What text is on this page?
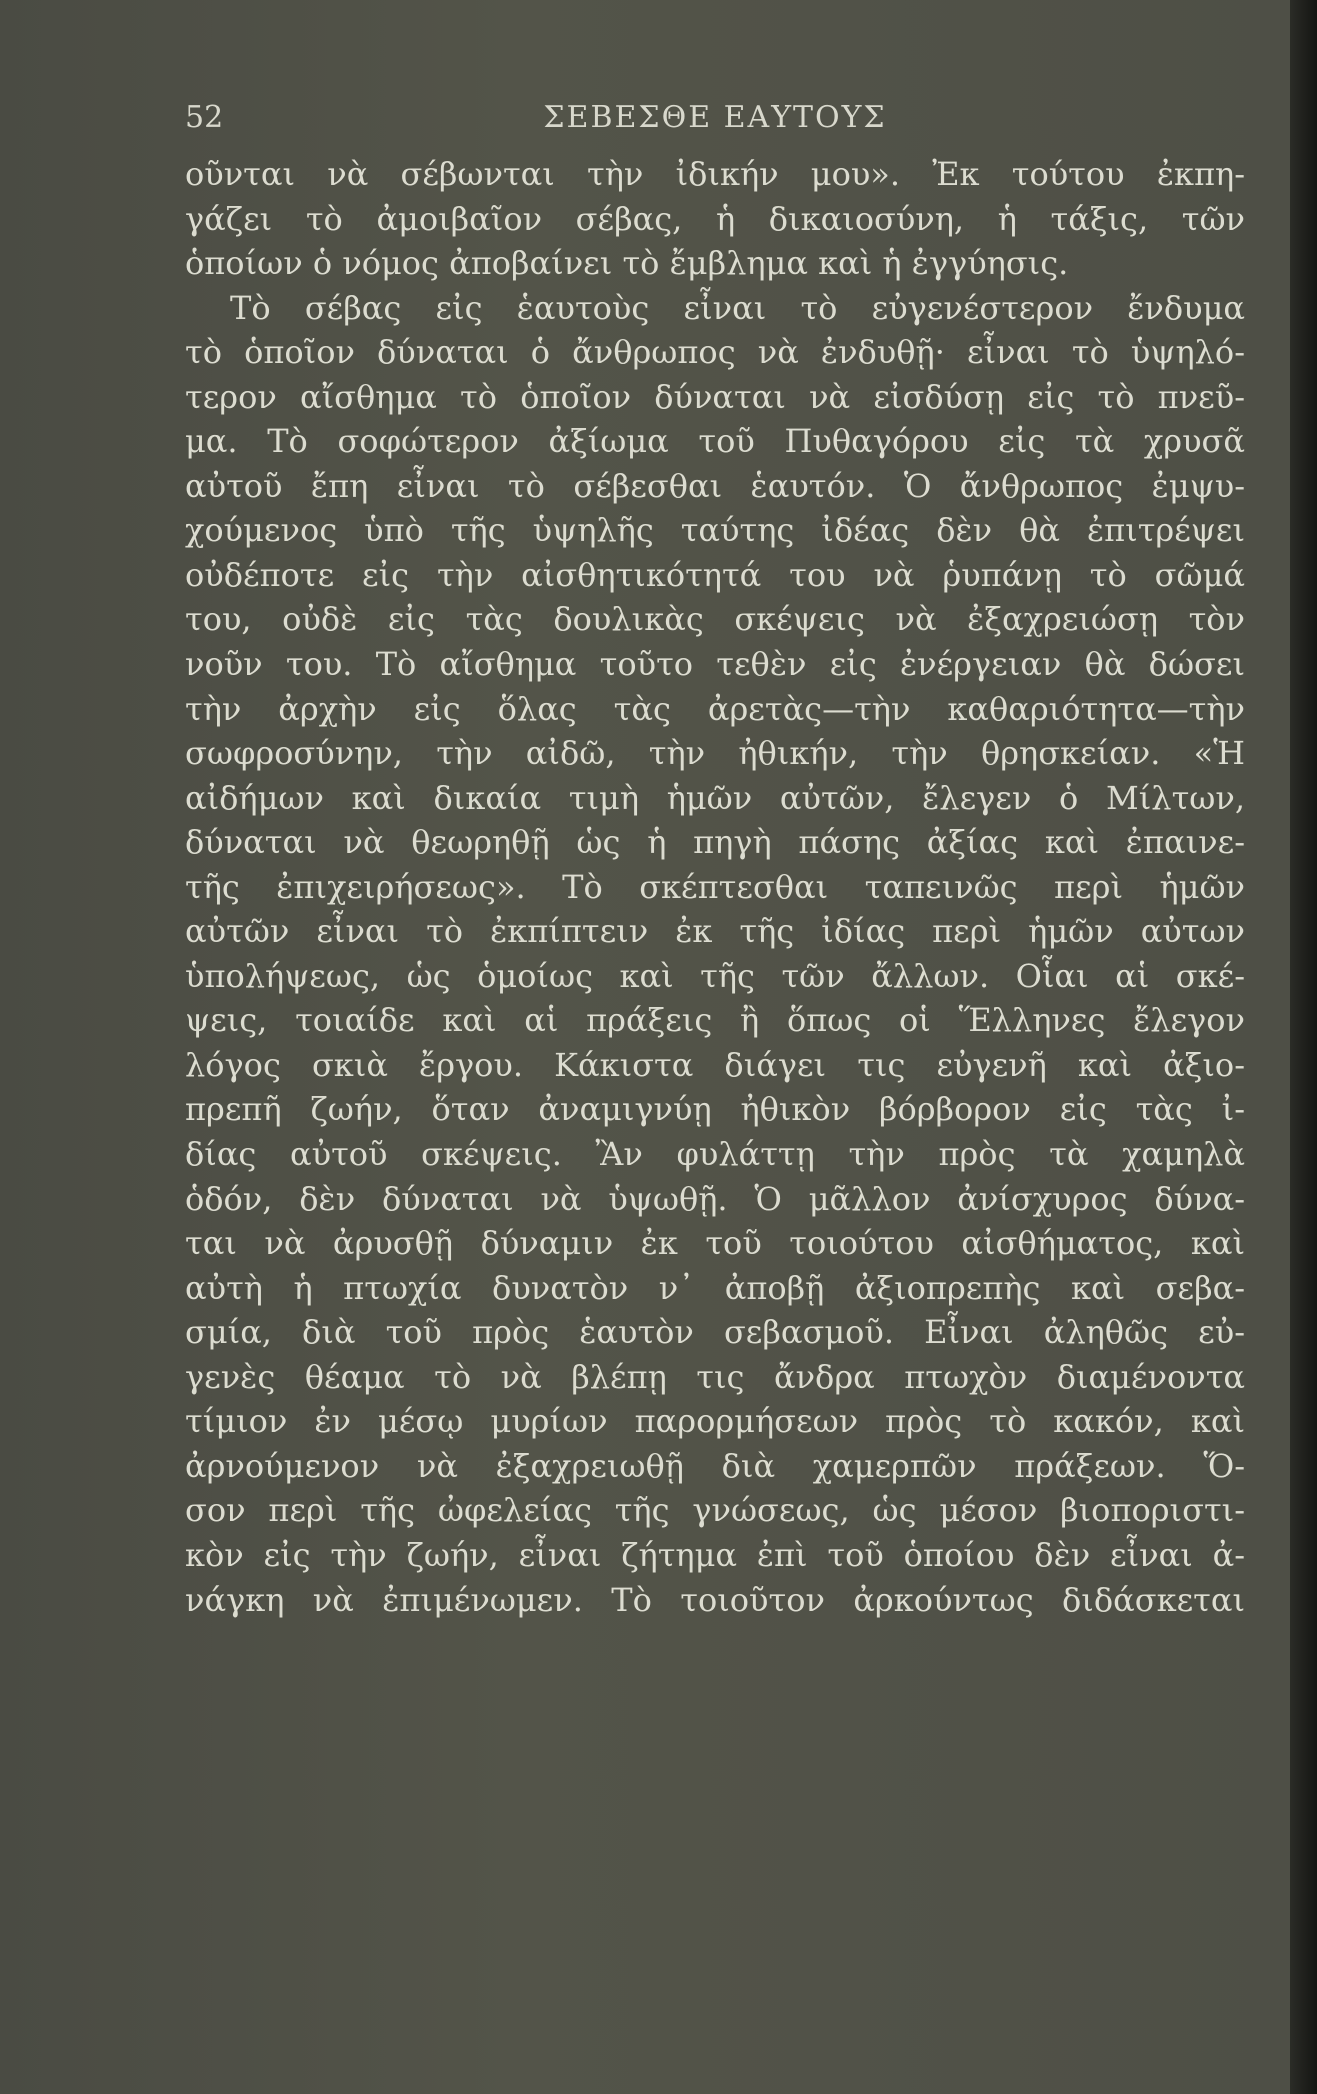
52	ΣΕΒΕΣΘΕ ΕΑΥΤΟΥΣ
οῦνται νὰ σέβωνται τὴν ἰδικήν μου». Ἐκ τούτου ἐκπη-
γάζει τὸ ἀμοιβαῖον σέβας, ἡ δικαιοσύνη, ἡ τάξις, τῶν
ὁποίων ὁ νόμος ἀποβαίνει τὸ ἔμβλημα καὶ ἡ ἐγγύησις.
Τὸ σέβας εἰς ἑαυτοὺς εἶναι τὸ εὐγενέστερον ἔνδυμα
τὸ ὁποῖον δύναται ὁ ἄνθρωπος νὰ ἐνδυθῇ· εἶναι τὸ ὑψηλό-
τερον αἴσθημα τὸ ὁποῖον δύναται νὰ εἰσδύσῃ εἰς τὸ πνεῦ-
μα. Τὸ σοφώτερον ἀξίωμα τοῦ Πυθαγόρου εἰς τὰ χρυσᾶ
αὐτοῦ ἔπη εἶναι τὸ σέβεσθαι ἑαυτόν. Ὁ ἄνθρωπος ἐμψυ-
χούμενος ὑπὸ τῆς ὑψηλῆς ταύτης ἰδέας δὲν θὰ ἐπιτρέψει
οὐδέποτε εἰς τὴν αἰσθητικότητά του νὰ ῥυπάνῃ τὸ σῶμά
του, οὐδὲ εἰς τὰς δουλικὰς σκέψεις νὰ ἐξαχρειώσῃ τὸν
νοῦν του. Τὸ αἴσθημα τοῦτο τεθὲν εἰς ἐνέργειαν θὰ δώσει
τὴν ἀρχὴν εἰς ὅλας τὰς ἀρετὰς—τὴν καθαριότητα—τὴν
σωφροσύνην, τὴν αἰδῶ, τὴν ἠθικήν, τὴν θρησκείαν. «Ἡ
αἰδήμων καὶ δικαία τιμὴ ἡμῶν αὐτῶν, ἔλεγεν ὁ Μίλτων,
δύναται νὰ θεωρηθῇ ὡς ἡ πηγὴ πάσης ἀξίας καὶ ἐπαινε-
τῆς ἐπιχειρήσεως». Τὸ σκέπτεσθαι ταπεινῶς περὶ ἡμῶν
αὐτῶν εἶναι τὸ ἐκπίπτειν ἐκ τῆς ἰδίας περὶ ἡμῶν αὐτων
ὑπολήψεως, ὡς ὁμοίως καὶ τῆς τῶν ἄλλων. Οἷαι αἱ σκέ-
ψεις, τοιαίδε καὶ αἱ πράξεις ἢ ὅπως οἱ Ἕλληνες ἔλεγον
λόγος σκιὰ ἔργου. Κάκιστα διάγει τις εὐγενῆ καὶ ἀξιο-
πρεπῆ ζωήν, ὅταν ἀναμιγνύῃ ἠθικὸν βόρβορον εἰς τὰς ἰ-
δίας αὐτοῦ σκέψεις. Ἂν φυλάττῃ τὴν πρὸς τὰ χαμηλὰ
ὁδόν, δὲν δύναται νὰ ὑψωθῇ. Ὁ μᾶλλον ἀνίσχυρος δύνα-
ται νὰ ἀρυσθῇ δύναμιν ἐκ τοῦ τοιούτου αἰσθήματος, καὶ
αὐτὴ ἡ πτωχία δυνατὸν ν᾽ ἀποβῇ ἀξιοπρεπὴς καὶ σεβα-
σμία, διὰ τοῦ πρὸς ἑαυτὸν σεβασμοῦ. Εἶναι ἀληθῶς εὐ-
γενὲς θέαμα τὸ νὰ βλέπῃ τις ἄνδρα πτωχὸν διαμένοντα
τίμιον ἐν μέσῳ μυρίων παρορμήσεων πρὸς τὸ κακόν, καὶ
ἀρνούμενον νὰ ἐξαχρειωθῇ διὰ χαμερπῶν πράξεων. Ὅ-
σον περὶ τῆς ὠφελείας τῆς γνώσεως, ὡς μέσον βιοποριστι-
κὸν εἰς τὴν ζωήν, εἶναι ζήτημα ἐπὶ τοῦ ὁποίου δὲν εἶναι ἀ-
νάγκη νὰ ἐπιμένωμεν. Τὸ τοιοῦτον ἀρκούντως διδάσκεται
